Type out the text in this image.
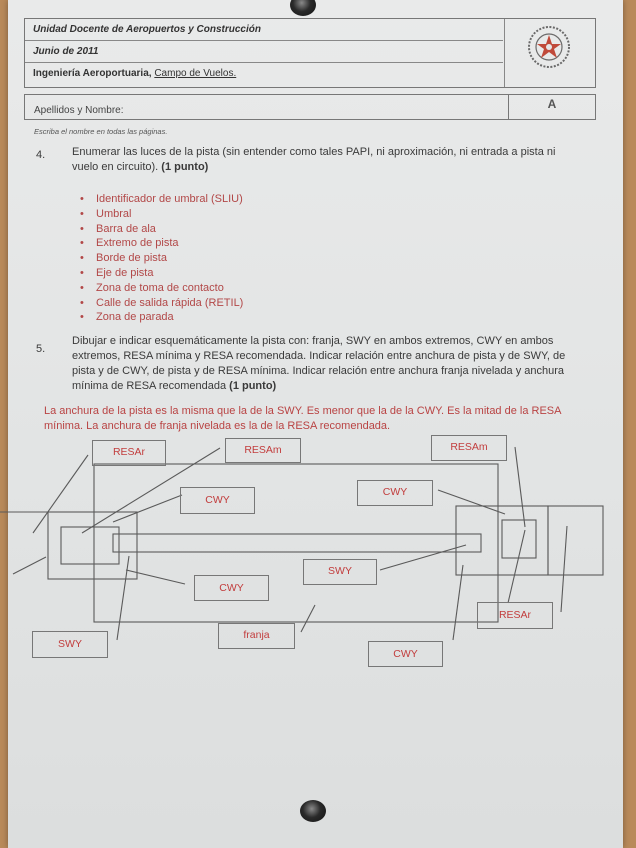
Unidad Docente de Aeropuertos y Construcción
Junio de 2011
Ingeniería Aeroportuaria, Campo de Vuelos.
Apellidos y Nombre:	A
Escriba el nombre en todas las páginas.
4. Enumerar las luces de la pista (sin entender como tales PAPI, ni aproximación, ni entrada a pista ni vuelo en circuito). (1 punto)
• Identificador de umbral (SLIU)
• Umbral
• Barra de ala
• Extremo de pista
• Borde de pista
• Eje de pista
• Zona de toma de contacto
• Calle de salida rápida (RETIL)
• Zona de parada
5.
Dibujar e indicar esquemáticamente la pista con: franja, SWY en ambos extremos, CWY en ambos extremos, RESA mínima y RESA recomendada. Indicar relación entre anchura de pista y de SWY, de pista y de CWY, de pista y de RESA mínima. Indicar relación entre anchura franja nivelada y anchura mínima de RESA recomendada (1 punto)
La anchura de la pista es la misma que la de la SWY. Es menor que la de la CWY. Es la mitad de la RESA mínima. La anchura de franja nivelada es la de la RESA recomendada.
RESAr	RESAm	RESAm
CWY
CWY
SWY
CWY
SWY
franja
RESAr
CWY
